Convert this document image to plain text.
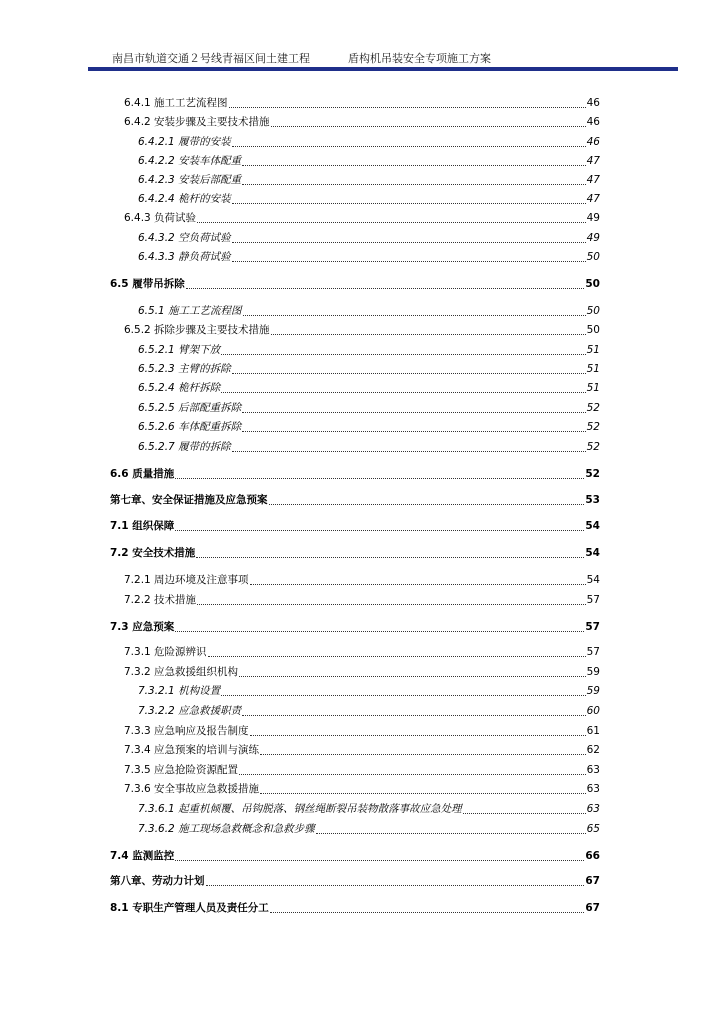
南昌市轨道交通２号线青福区间土建工程	盾构机吊装安全专项施工方案
6.4.1 施工工艺流程图	46
6.4.2 安装步骤及主要技术措施	46
6.4.2.1 履带的安装	46
6.4.2.2 安装车体配重	47
6.4.2.3 安装后部配重	47
6.4.2.4 桅杆的安装	47
6.4.3 负荷试验	49
6.4.3.2 空负荷试验	49
6.4.3.3 静负荷试验	50
6.5 履带吊拆除	50
6.5.1 施工工艺流程图	50
6.5.2 拆除步骤及主要技术措施	50
6.5.2.1 臂架下放	51
6.5.2.3 主臂的拆除	51
6.5.2.4 桅杆拆除	51
6.5.2.5 后部配重拆除	52
6.5.2.6 车体配重拆除	52
6.5.2.7 履带的拆除	52
6.6 质量措施	52
第七章、安全保证措施及应急预案	53
7.1 组织保障	54
7.2 安全技术措施	54
7.2.1 周边环境及注意事项	54
7.2.2 技术措施	57
7.3 应急预案	57
7.3.1 危险源辨识	57
7.3.2 应急救援组织机构	59
7.3.2.1 机构设置	59
7.3.2.2 应急救援职责	60
7.3.3 应急响应及报告制度	61
7.3.4 应急预案的培训与演练	62
7.3.5 应急抢险资源配置	63
7.3.6 安全事故应急救援措施	63
7.3.6.1 起重机倾覆、吊钩脱落、钢丝绳断裂吊装物散落事故应急处理	63
7.3.6.2 施工现场急救概念和急救步骤	65
7.4 监测监控	66
第八章、劳动力计划	67
8.1 专职生产管理人员及责任分工	67
